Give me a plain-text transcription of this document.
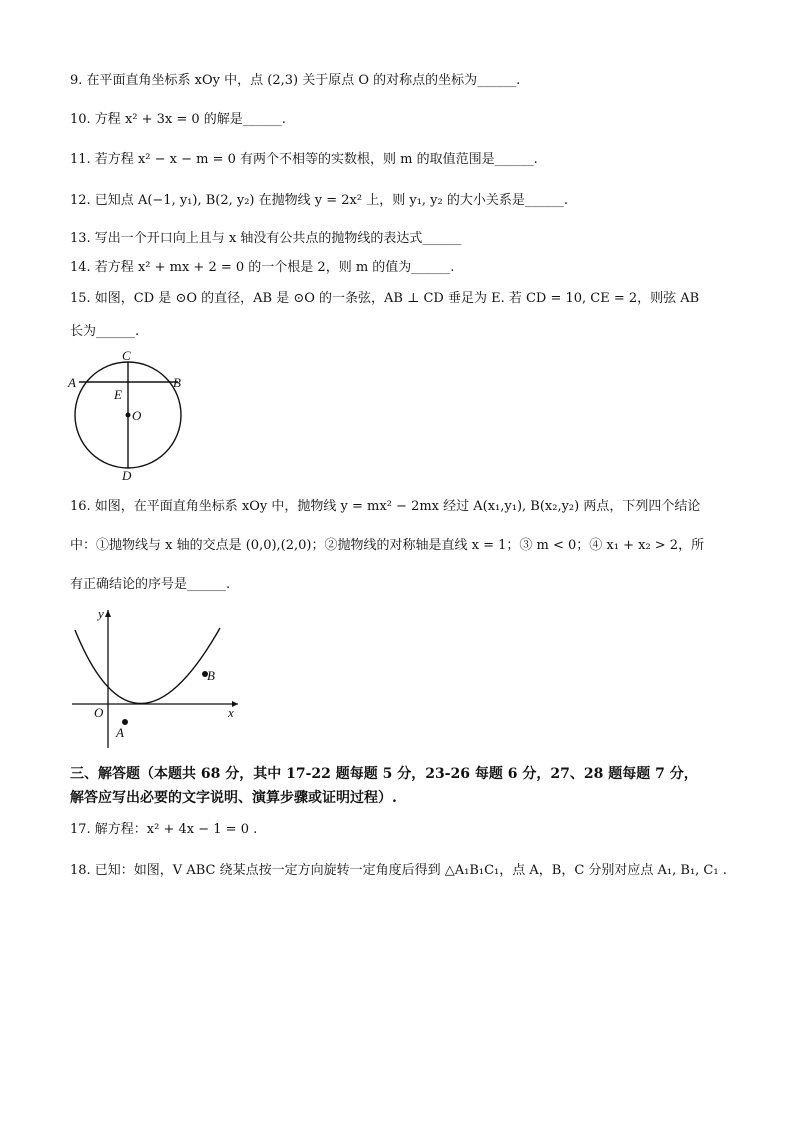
9. 在平面直角坐标系 xOy 中，点 (2,3) 关于原点 O 的对称点的坐标为______.
10. 方程 x² + 3x = 0 的解是______.
11. 若方程 x² − x − m = 0 有两个不相等的实数根，则 m 的取值范围是______.
12. 已知点 A(−1, y₁), B(2, y₂) 在抛物线 y = 2x² 上，则 y₁, y₂ 的大小关系是______.
13. 写出一个开口向上且与 x 轴没有公共点的抛物线的表达式______
14. 若方程 x² + mx + 2 = 0 的一个根是 2，则 m 的值为______.
15. 如图，CD 是 ⊙O 的直径，AB 是 ⊙O 的一条弦，AB ⊥ CD 垂足为 E. 若 CD = 10, CE = 2，则弦 AB
长为______.
C
A	B
E
O
D
16. 如图，在平面直角坐标系 xOy 中，抛物线 y = mx² − 2mx 经过 A(x₁,y₁), B(x₂,y₂) 两点，下列四个结论
中：①抛物线与 x 轴的交点是 (0,0),(2,0)；②抛物线的对称轴是直线 x = 1；③ m < 0；④ x₁ + x₂ > 2，所
有正确结论的序号是______.
y
x
O
A
B
三、解答题（本题共 68 分，其中 17-22 题每题 5 分，23-26 每题 6 分，27、28 题每题 7 分，
解答应写出必要的文字说明、演算步骤或证明过程）.
17. 解方程：x² + 4x − 1 = 0 .
18. 已知：如图，V ABC 绕某点按一定方向旋转一定角度后得到 △A₁B₁C₁，点 A，B，C 分别对应点 A₁, B₁, C₁ .
